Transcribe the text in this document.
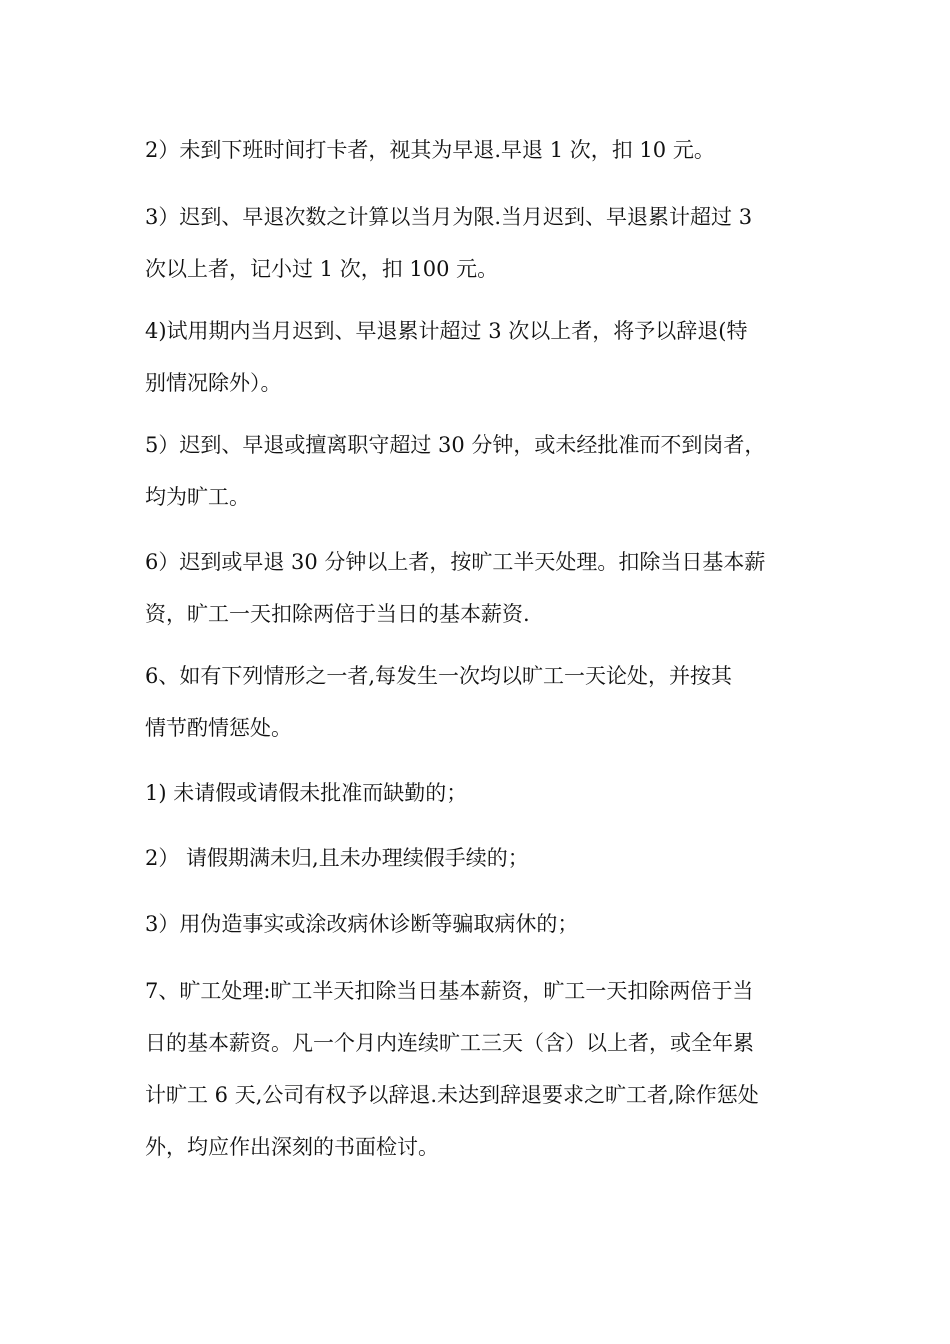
2）未到下班时间打卡者，视其为早退.早退 1 次，扣 10 元。

3）迟到、早退次数之计算以当月为限.当月迟到、早退累计超过 3
次以上者，记小过 1 次，扣 100 元。

4)试用期内当月迟到、早退累计超过 3 次以上者，将予以辞退(特
别情况除外）。

5）迟到、早退或擅离职守超过 30 分钟，或未经批准而不到岗者，
均为旷工。

6）迟到或早退 30 分钟以上者，按旷工半天处理。扣除当日基本薪
资，旷工一天扣除两倍于当日的基本薪资.

6、如有下列情形之一者,每发生一次均以旷工一天论处，并按其
情节酌情惩处。

1) 未请假或请假未批准而缺勤的；

2） 请假期满未归,且未办理续假手续的；

3）用伪造事实或涂改病休诊断等骗取病休的；

7、旷工处理:旷工半天扣除当日基本薪资，旷工一天扣除两倍于当
日的基本薪资。凡一个月内连续旷工三天（含）以上者，或全年累
计旷工 6 天,公司有权予以辞退.未达到辞退要求之旷工者,除作惩处
外，均应作出深刻的书面检讨。
